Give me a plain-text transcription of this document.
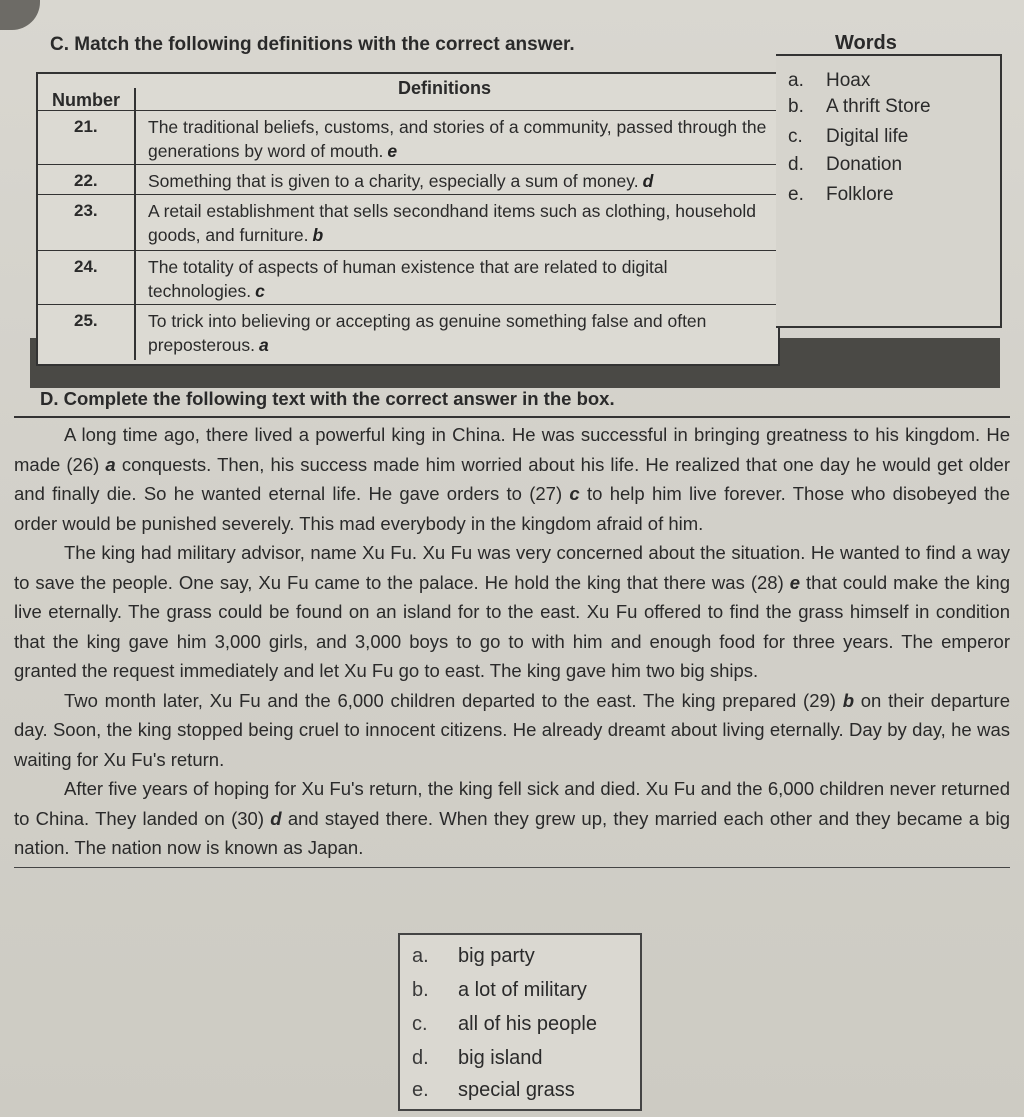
C. Match the following definitions with the correct answer.	Words
Number
Definitions
21.	The traditional beliefs, customs, and stories of a community, passed through the generations by word of mouth. e
22.	Something that is given to a charity, especially a sum of money. d
23.	A retail establishment that sells secondhand items such as clothing, household goods, and furniture. b
24.	The totality of aspects of human existence that are related to digital technologies. c
25.	To trick into believing or accepting as genuine something false and often preposterous. a
a. Hoax
b. A thrift Store
c. Digital life
d. Donation
e. Folklore
D. Complete the following text with the correct answer in the box.

A long time ago, there lived a powerful king in China. He was successful in bringing greatness to his kingdom. He made (26) a conquests. Then, his success made him worried about his life. He realized that one day he would get older and finally die. So he wanted eternal life. He gave orders to (27) c to help him live forever. Those who disobeyed the order would be punished severely. This mad everybody in the kingdom afraid of him.

The king had military advisor, name Xu Fu. Xu Fu was very concerned about the situation. He wanted to find a way to save the people. One say, Xu Fu came to the palace. He hold the king that there was (28) e that could make the king live eternally. The grass could be found on an island for to the east. Xu Fu offered to find the grass himself in condition that the king gave him 3,000 girls, and 3,000 boys to go to with him and enough food for three years. The emperor granted the request immediately and let Xu Fu go to east. The king gave him two big ships.

Two month later, Xu Fu and the 6,000 children departed to the east. The king prepared (29) b on their departure day. Soon, the king stopped being cruel to innocent citizens. He already dreamt about living eternally. Day by day, he was waiting for Xu Fu's return.

After five years of hoping for Xu Fu's return, the king fell sick and died. Xu Fu and the 6,000 children never returned to China. They landed on (30) d and stayed there. When they grew up, they married each other and they became a big nation. The nation now is known as Japan.

a. big party
b. a lot of military
c. all of his people
d. big island
e. special grass
